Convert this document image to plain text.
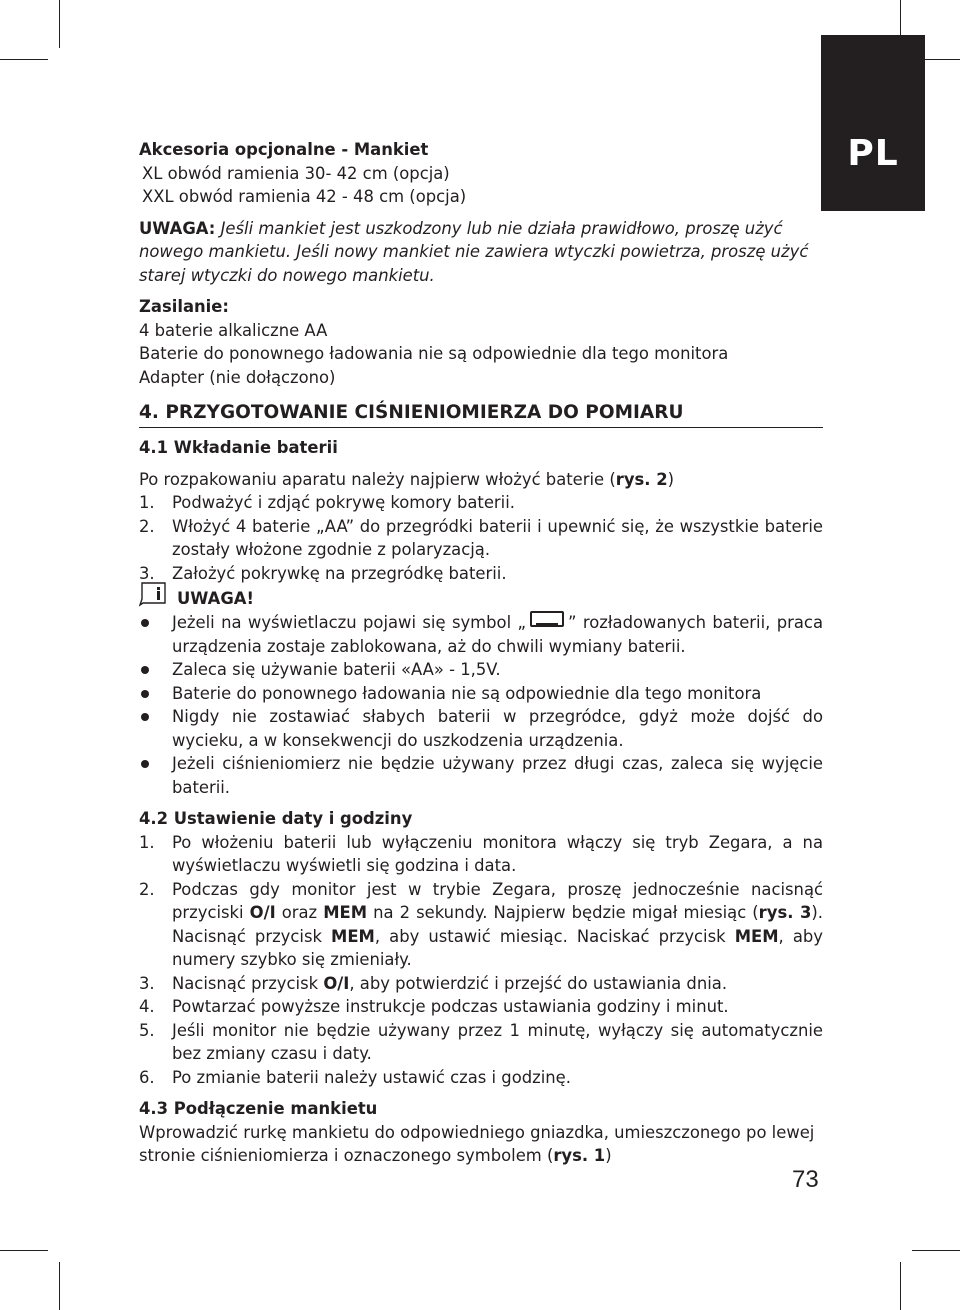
PL

Akcesoria opcjonalne - Mankiet

XL obwód ramienia 30- 42 cm (opcja)

XXL obwód ramienia 42 - 48 cm (opcja)

UWAGA: Jeśli mankiet jest uszkodzony lub nie działa prawidłowo, proszę użyć nowego mankietu. Jeśli nowy mankiet nie zawiera wtyczki powietrza, proszę użyć starej wtyczki do nowego mankietu.

Zasilanie:

4 baterie alkaliczne AA

Baterie do ponownego ładowania nie są odpowiednie dla tego monitora

Adapter (nie dołączono)

4. PRZYGOTOWANIE CIŚNIENIOMIERZA DO POMIARU

4.1 Wkładanie baterii

Po rozpakowaniu aparatu należy najpierw włożyć baterie (rys. 2)

1. Podważyć i zdjąć pokrywę komory baterii.
2. Włożyć 4 baterie „AA” do przegródki baterii i upewnić się, że wszystkie baterie zostały włożone zgodnie z polaryzacją.
3. Założyć pokrywkę na przegródkę baterii.
UWAGA!
Jeżeli na wyświetlaczu pojawi się symbol „	” rozładowanych baterii, praca urządzenia zostaje zablokowana, aż do chwili wymiany baterii.
Zaleca się używanie baterii «AA» - 1,5V.
Baterie do ponownego ładowania nie są odpowiednie dla tego monitora
Nigdy nie zostawiać słabych baterii w przegródce, gdyż może dojść do wycieku, a w konsekwencji do uszkodzenia urządzenia.
Jeżeli ciśnieniomierz nie będzie używany przez długi czas, zaleca się wyjęcie baterii.

4.2 Ustawienie daty i godziny

1. Po włożeniu baterii lub wyłączeniu monitora włączy się tryb Zegara, a na wyświetlaczu wyświetli się godzina i data.
2. Podczas gdy monitor jest w trybie Zegara, proszę jednocześnie nacisnąć przyciski O/I oraz MEM na 2 sekundy. Najpierw będzie migał miesiąc (rys. 3). Nacisnąć przycisk MEM, aby ustawić miesiąc. Naciskać przycisk MEM, aby numery szybko się zmieniały.
3. Nacisnąć przycisk O/I, aby potwierdzić i przejść do ustawiania dnia.
4. Powtarzać powyższe instrukcje podczas ustawiania godziny i minut.
5. Jeśli monitor nie będzie używany przez 1 minutę, wyłączy się automatycznie bez zmiany czasu i daty.
6. Po zmianie baterii należy ustawić czas i godzinę.

4.3 Podłączenie mankietu

Wprowadzić rurkę mankietu do odpowiedniego gniazdka, umieszczonego po lewej stronie ciśnieniomierza i oznaczonego symbolem (rys. 1)

73
